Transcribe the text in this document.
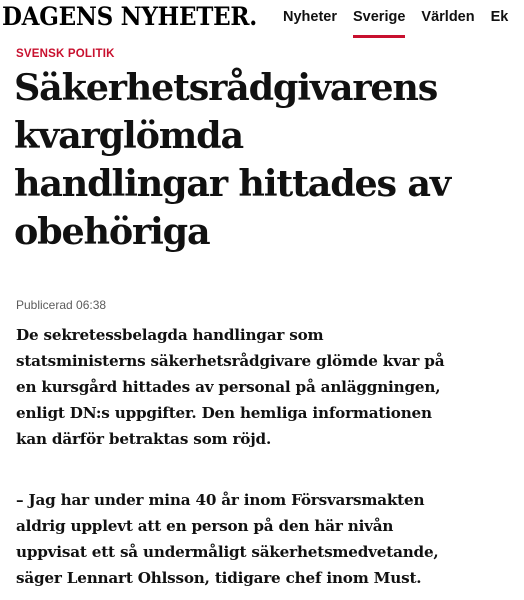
DAGENS NYHETER. Nyheter Sverige Världen Ek
SVENSK POLITIK
Säkerhetsrådgivarens
kvarglömda
handlingar hittades av
obehöriga
Publicerad 06:38

De sekretessbelagda handlingar som
statsministerns säkerhetsrådgivare glömde kvar på
en kursgård hittades av personal på anläggningen,
enligt DN:s uppgifter. Den hemliga informationen
kan därför betraktas som röjd.

– Jag har under mina 40 år inom Försvarsmakten
aldrig upplevt att en person på den här nivån
uppvisat ett så undermåligt säkerhetsmedvetande,
säger Lennart Ohlsson, tidigare chef inom Must.
